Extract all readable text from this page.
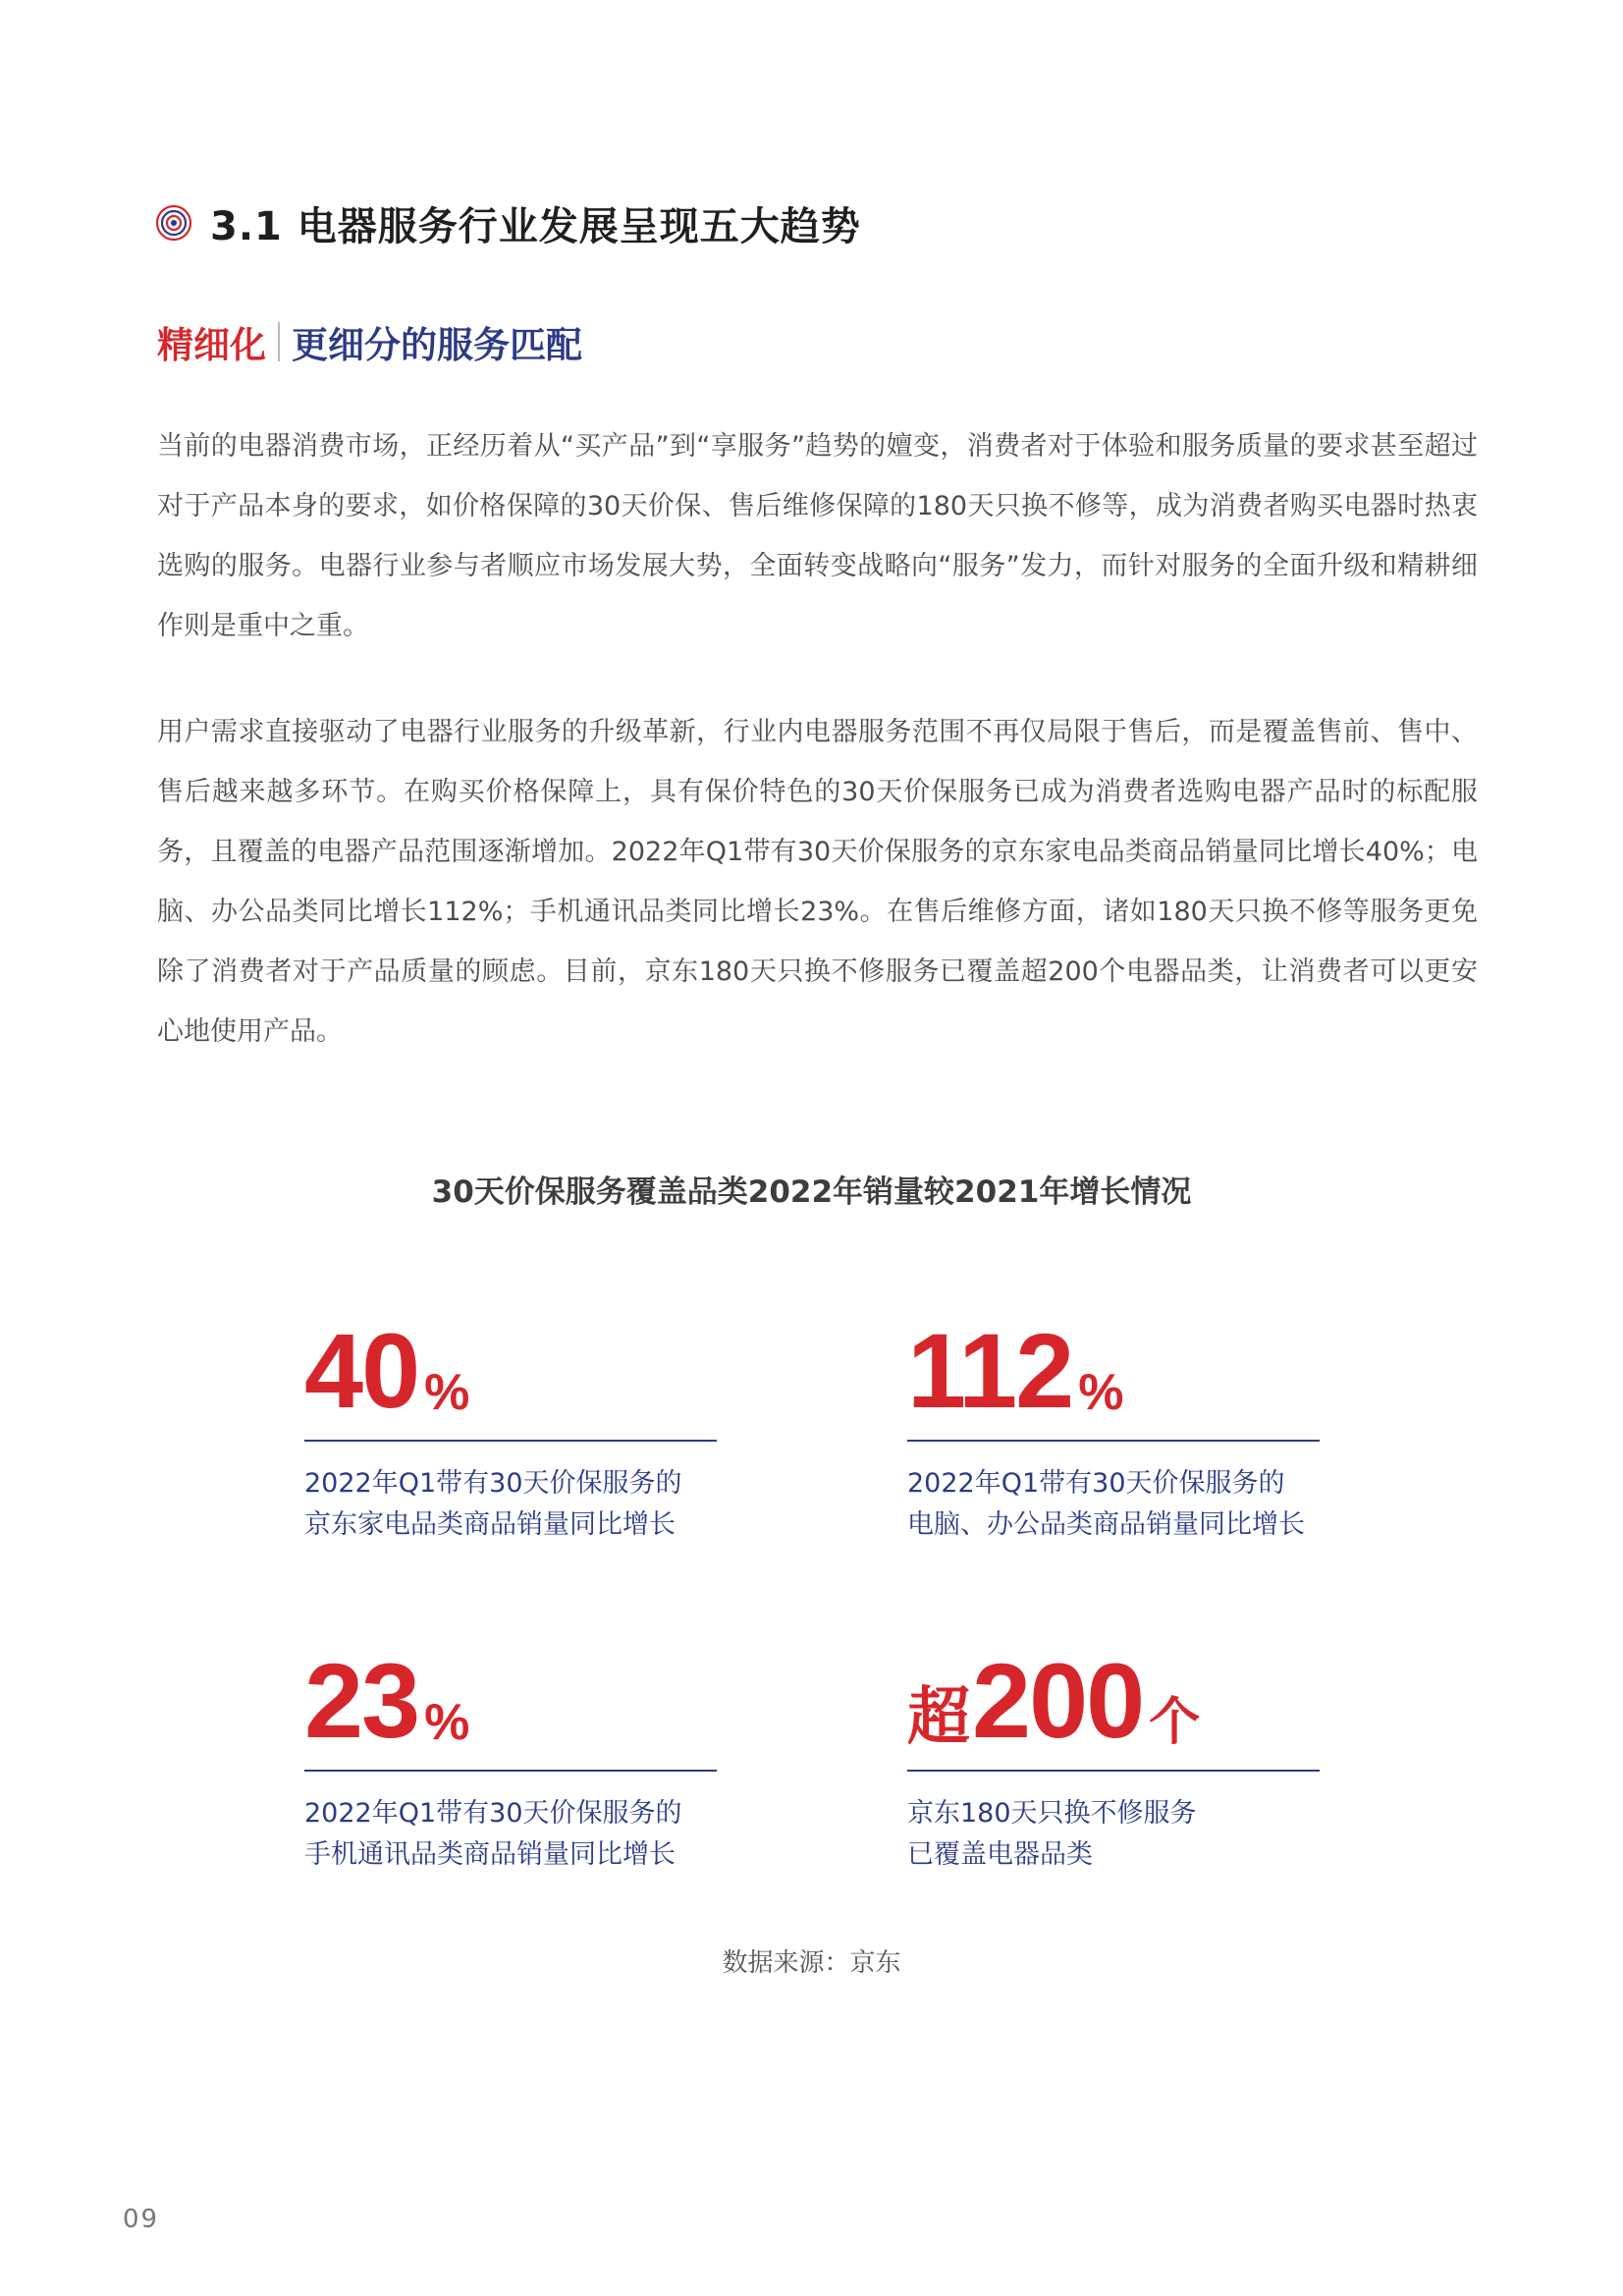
3.1 电器服务行业发展呈现五大趋势
精细化 更细分的服务匹配

当前的电器消费市场，正经历着从“买产品”到“享服务”趋势的嬗变，消费者对于体验和服务质量的要求甚至超过对于产品本身的要求，如价格保障的30天价保、售后维修保障的180天只换不修等，成为消费者购买电器时热衷选购的服务。电器行业参与者顺应市场发展大势，全面转变战略向“服务”发力，而针对服务的全面升级和精耕细作则是重中之重。

用户需求直接驱动了电器行业服务的升级革新，行业内电器服务范围不再仅局限于售后，而是覆盖售前、售中、售后越来越多环节。在购买价格保障上，具有保价特色的30天价保服务已成为消费者选购电器产品时的标配服务，且覆盖的电器产品范围逐渐增加。2022年Q1带有30天价保服务的京东家电品类商品销量同比增长40%；电脑、办公品类同比增长112%；手机通讯品类同比增长23%。在售后维修方面，诸如180天只换不修等服务更免除了消费者对于产品质量的顾虑。目前，京东180天只换不修服务已覆盖超200个电器品类，让消费者可以更安心地使用产品。

30天价保服务覆盖品类2022年销量较2021年增长情况
40 %
2022年Q1带有30天价保服务的
京东家电品类商品销量同比增长
112 %
2022年Q1带有30天价保服务的
电脑、办公品类商品销量同比增长
23 %
2022年Q1带有30天价保服务的
手机通讯品类商品销量同比增长
超 200 个
京东180天只换不修服务
已覆盖电器品类
数据来源：京东
09
